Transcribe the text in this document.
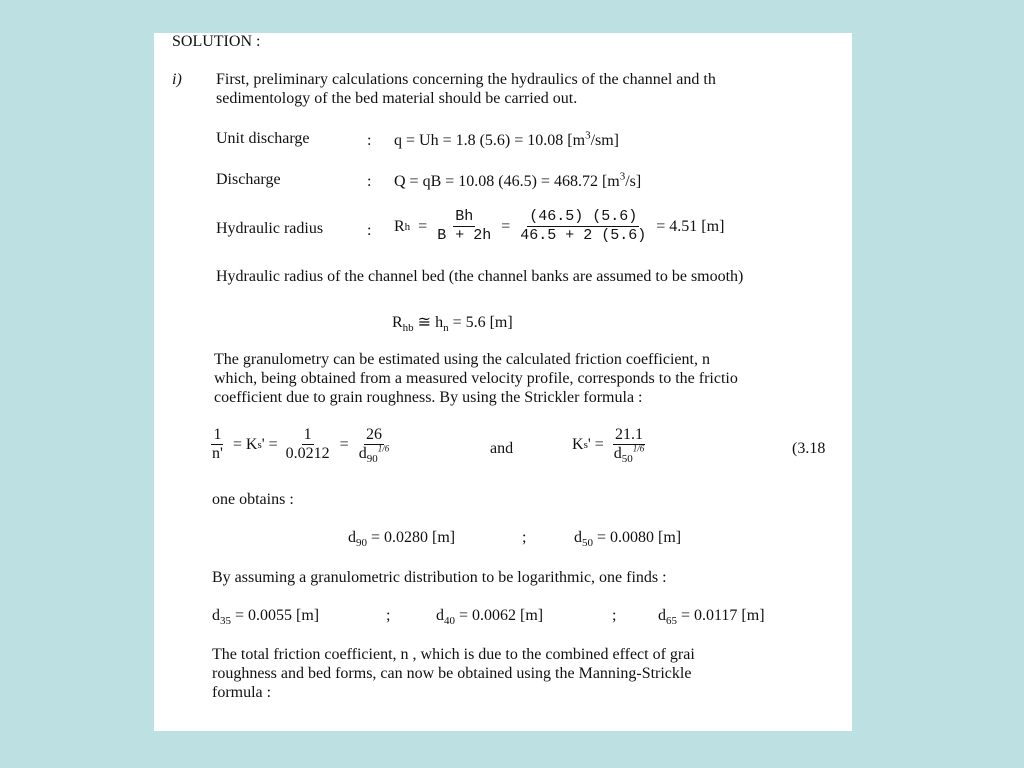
SOLUTION :
i) First, preliminary calculations concerning the hydraulics of the channel and th
sedimentology of the bed material should be carried out.
Unit discharge	: q = Uh = 1.8 (5.6) = 10.08 $[m^3/sm]$
Discharge	: Q = qB = 10.08 (46.5) = 468.72 $[m^3/s]$
Hydraulic radius	: R $h = \frac{Bh}{B + 2h} = \frac{(46.5) (5.6)}{46.5 + 2 (5.6)} = 4.51$ [m]
Hydraulic radius of the channel bed (the channel banks are assumed to be smooth)
$R_{hb}$ ≅ $h_n = 5.6$ [m]
The granulometry can be estimated using the calculated friction coefficient, n
which, being obtained from a measured velocity profile, corresponds to the frictio
coefficient due to grain roughness. By using the Strickler formula :
$\frac{1}{n'} = K$ s ' = $\frac{1}{0.0212} = \frac{26}{d_{90}^{1/6}}$	and	K s ' = $\frac{21.1}{d_{50}^{1/6}}$	(3.18
one obtains :
$d_{90} = 0.0280$ [m]	;	$d_{50} = 0.0080$ [m]
By assuming a granulometric distribution to be logarithmic, one finds :
$d_{35} = 0.0055$ [m]	;	$d_{40} = 0.0062$ [m]	;	$d_{65} = 0.0117$ [m]
The total friction coefficient, n , which is due to the combined effect of grai
roughness and bed forms, can now be obtained using the Manning-Strickle
formula :
